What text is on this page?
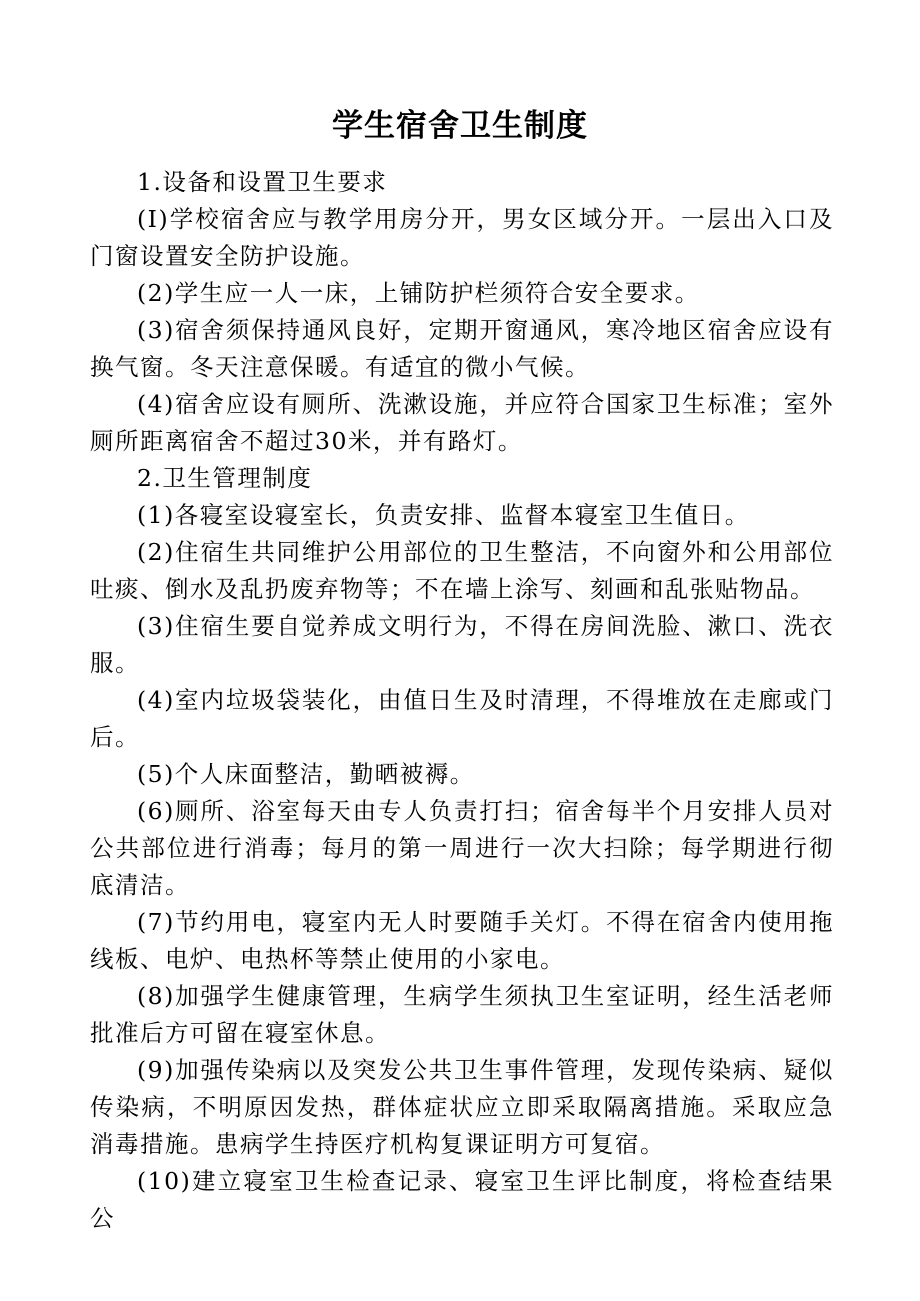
学生宿舍卫生制度

1.设备和设置卫生要求

(I)学校宿舍应与教学用房分开，男女区域分开。一层出入口及门窗设置安全防护设施。

(2)学生应一人一床，上铺防护栏须符合安全要求。

(3)宿舍须保持通风良好，定期开窗通风，寒冷地区宿舍应设有换气窗。冬天注意保暖。有适宜的微小气候。

(4)宿舍应设有厕所、洗漱设施，并应符合国家卫生标准；室外厕所距离宿舍不超过30米，并有路灯。

2.卫生管理制度

(1)各寝室设寝室长，负责安排、监督本寝室卫生值日。

(2)住宿生共同维护公用部位的卫生整洁，不向窗外和公用部位吐痰、倒水及乱扔废弃物等；不在墙上涂写、刻画和乱张贴物品。

(3)住宿生要自觉养成文明行为，不得在房间洗脸、漱口、洗衣服。

(4)室内垃圾袋装化，由值日生及时清理，不得堆放在走廊或门后。

(5)个人床面整洁，勤晒被褥。

(6)厕所、浴室每天由专人负责打扫；宿舍每半个月安排人员对公共部位进行消毒；每月的第一周进行一次大扫除；每学期进行彻底清洁。

(7)节约用电，寝室内无人时要随手关灯。不得在宿舍内使用拖线板、电炉、电热杯等禁止使用的小家电。

(8)加强学生健康管理，生病学生须执卫生室证明，经生活老师批准后方可留在寝室休息。

(9)加强传染病以及突发公共卫生事件管理，发现传染病、疑似传染病，不明原因发热，群体症状应立即采取隔离措施。采取应急消毒措施。患病学生持医疗机构复课证明方可复宿。

(10)建立寝室卫生检查记录、寝室卫生评比制度，将检查结果公
